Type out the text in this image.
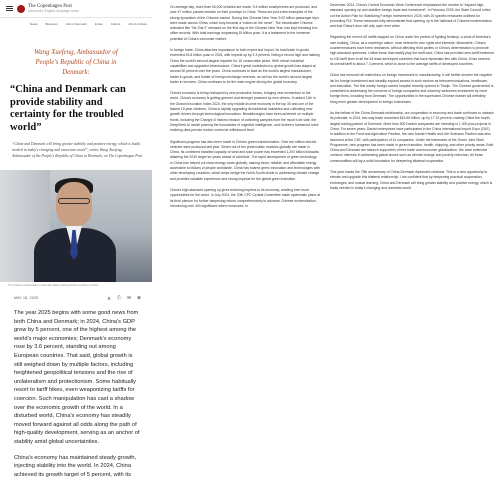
The Copenhagen Post
Denmark's English-language news
News	Business	Life in Denmark	Inside	Culture	Arts & Culture
Wang Xuefeng, Ambassador of
People's Republic of China in
Denmark:
“China and Denmark can provide stability and certainty for the troubled world”
“China and Denmark will bring greater stability and positive energy, which is badly needed in today's changing and uncertain world”, writes Wang Xuefeng, Ambassador of the People's Republic of China in Denmark, on The Copenhagen Post
The Chinese Ambassador to Denmark Wang Xuefeng Photo courtesy of China
MAY 18, 2025	X	ⓕ ✉ ⊕

The year 2025 begins with some good news from both China and Denmark; in 2024, China's GDP grew by 5 percent, one of the highest among the world's major economies; Denmark's economy rose by 3.6 percent, standing out among European countries. That said, global growth is still weighed down by multiple factors, including heightened geopolitical tensions and the rise of unilateralism and protectionism. Some habitually resort to tariff hikes, even weaponizing tariffs for coercion. Such manipulation has cast a shadow over the economic growth of the world. In a disturbed world, China's economy has steadily moved forward against all odds along the path of high-quality development, serving as an anchor of stability amid global uncertainties.

China's economy has maintained steady growth, injecting stability into the world. In 2024, China achieved its growth target of 5 percent, with its

On average day, more than 60,000 vehicles are made, 9.4 million smartphones are produced, and over 47 million parcels embark on their journeys in China. These are just a few examples of the strong dynamism of the Chinese market. During this Chinese New Year, 9.02 billion passenger trips were made across China, which truly became a “nation on the move”. The blockbuster Chinese animated film “Ne Zha 2” released on the first day of the Chinese New Year, has kept breaking box office records. With total earnings surpassing 15 billion yuan, it is a testament to the immense potential of China's consumer market.

In foreign trade, China attaches importance to both export and import. Its total trade in goods exceeded 43.8 trillion yuan in 2024, with imports up by 2.3 percent, hitting a record high and making China the world's second-largest importer for 16 consecutive years. With robust industrial capabilities and upgraded infrastructure, China's great contribution to global growth has stayed at around 30 percent over the years. China continues to lead as the world's largest manufacturer, trader in goods, and holder of foreign exchange reserves, as well as the world's second-largest trader in services. China continues to be the main engine driving the global economy.

China's economy is being reshaped by new productive forces, bringing new momentum to the world. China's economy is getting greener and stronger powered by new drivers. It ranked 11th in the Global Innovation Index 2024, the only middle-income economy in the top 30 and one of the fastest 10-year climbers. China is rapidly upgrading its traditional industries and cultivating new growth drivers through technological innovation. Breakthroughs have been achieved on multiple fronts, including the Chang'e-6 historic mission of collecting samples from the moon's far side, the DeepSeek AI model pushing the boundaries of cognitive intelligence, and Unitree's humanoid robot realizing ultra-precise motion control at millisecond level.

Significant progress has also been made in China's green transformation. Over ten million electric vehicles were produced last year. Seven out of ten photovoltaic modules globally are made in China. Its combined installed capacity of wind and solar power has exceeded 1,200 billion kilowatts, attaining the 2030 target six years ahead of schedule. The rapid development of green technology in China has helped cut clean energy costs globally, making clean, reliable, and affordable energy accessible to billions of people worldwide. China has shared green innovation and technologies with other developing countries, which helps bridge the North-South divide in addressing climate change and provides valuable experience and strong impetus for the global green transition.

China's high-standard opening up gives enduring impetus to its economy, creating ever more opportunities for the world. In July 2024, the 20th CPC Central Committee made systematic plans at its third plenum for further deepening reform comprehensively to advance Chinese modernization, introducing over 300 significant reform measures. In

December 2024, China's Central Economic Work Conference emphasized the resolve to “expand high-standard opening up and stabilize foreign trade and investment”. In February 2025, the State Council rolled out the Action Plan for Stabilizing Foreign Investment in 2025, with 20 specific measures outlined for promoting FDI. These measures fully demonstrate that opening up is the hallmark of Chinese modernization and that China's door will only open ever wider.

Regarding the recent US tariffs slapped on China under the pretext of fighting fentanyl, a crisis of America's own making, China, as a sovereign nation, must defend its own rights and interests. Meanwhile, China's countermeasures have been restrained, without affecting third parties or China's determination to promote high-standard openness. Unlike those that readily play the tariff card, China has provided zero-tariff treatment to 100 tariff lines to all the 43 least developed countries that have diplomatic ties with China. It has lowered its overall tariff to about 7.3 percent, which is close to the average tariffs of developed countries.

China has removed all restrictions on foreign investment in manufacturing. It will further shorten the negative list for foreign investment and steadily expand access in such sectors as telecommunications, healthcare, and education. The first wholly foreign-owned hospital recently opened in Tianjin. The Chinese government is committed to addressing the concerns of foreign companies and sincerely welcomes investment by more foreign firms, including from Denmark. The opportunities in the supersized Chinese market will definitely bring even greater development to foreign businesses.

As the bellast of the China-Denmark relationship, our cooperation in economy and trade continues to unleash its potential: in 2024, two-way trade exceeded $15.66 billion, up by 17.32 percent, making China the fourth-largest trading partner of Denmark. More than 500 Danish companies are investing in 1,300 plus projects in China. For seven years, Danish enterprises have participated in the China International Import Expo (CIIE). In addition to the Food and Agriculture Pavilion, the new Danish Health and Life Sciences Pavilion was also launched at the CIIE, with participation of 41 companies. Under the framework of the Green Joint Work Programme, new progress has been made in green transition, health, shipping, and other priority areas. Both China and Denmark are staunch supporters of free trade and economic globalization. We have extensive common interests in addressing global issues such as climate change and poverty reduction. All those commonalities will lay a solid foundation for deepening bilateral cooperation.

This year marks the 75th anniversary of China-Denmark diplomatic relations. This is a new opportunity to elevate and upgrade this bilateral relationship. I am confident that by deepening practical cooperation, exchanges, and mutual learning, China and Denmark will bring greater stability and positive energy, which is badly needed in today's changing and uncertain world.
